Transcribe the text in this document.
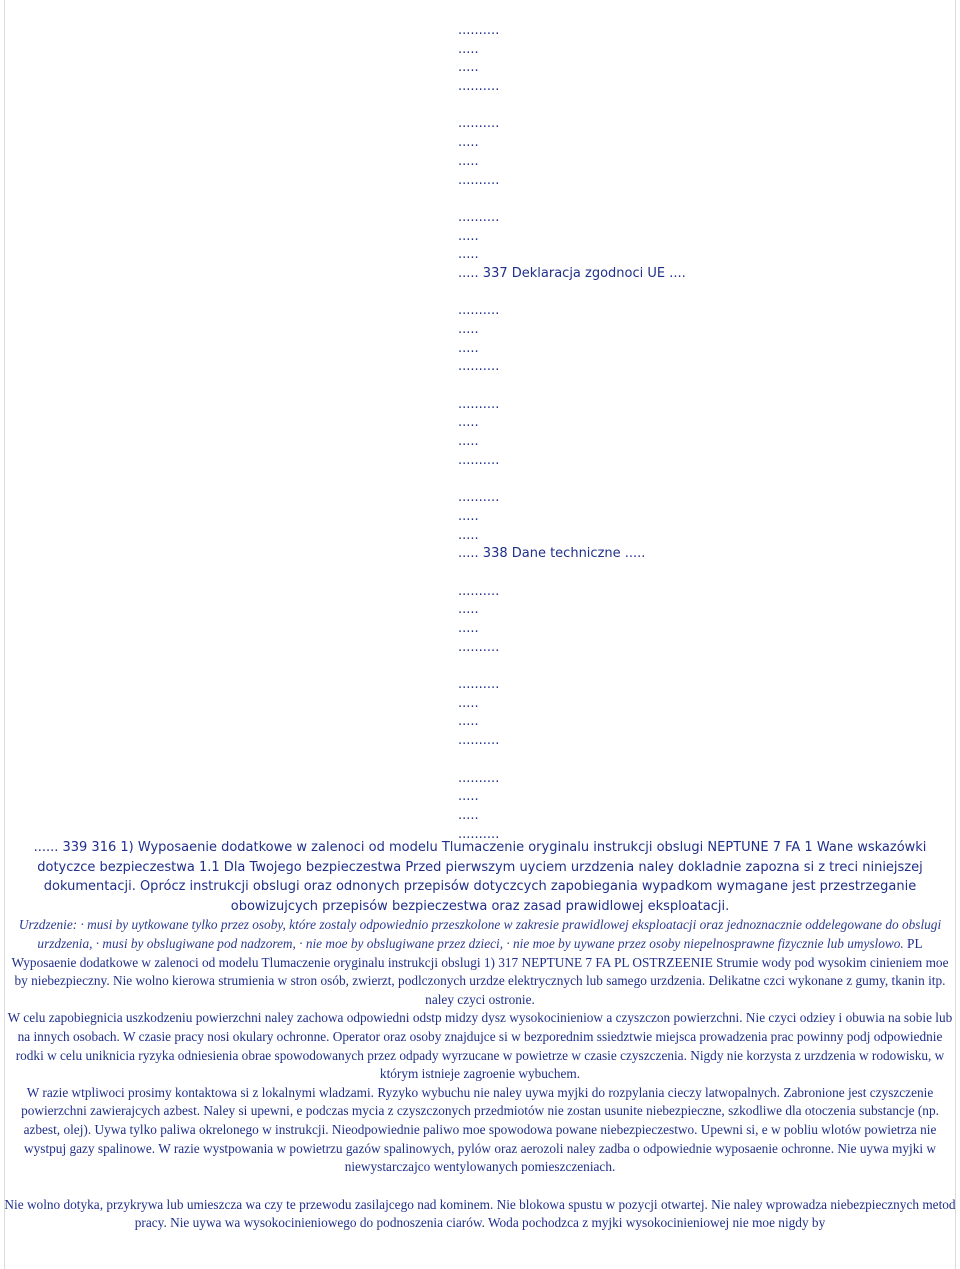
..........
.....
.....
..........
..........
.....
.....
..........
..........
.....
.....
..... 337 Deklaracja zgodnoci UE ....
..........
.....
.....
..........
..........
.....
.....
..........
..........
.....
.....
..... 338 Dane techniczne .....
..........
.....
.....
..........
..........
.....
.....
..........
..........
.....
.....
..........

...... 339 316 1) Wyposaenie dodatkowe w zalenoci od modelu Tlumaczenie oryginalu instrukcji obslugi NEPTUNE 7 FA 1 Wane wskazówki dotyczce bezpieczestwa 1.1 Dla Twojego bezpieczestwa Przed pierwszym uyciem urzdzenia naley dokladnie zapozna si z treci niniejszej dokumentacji. Oprócz instrukcji obslugi oraz odnonych przepisów dotyczcych zapobiegania wypadkom wymagane jest przestrzeganie obowizujcych przepisów bezpieczestwa oraz zasad prawidlowej eksploatacji.

Urzdzenie: · musi by uytkowane tylko przez osoby, które zostaly odpowiednio przeszkolone w zakresie prawidlowej eksploatacji oraz jednoznacznie oddelegowane do obslugi urzdzenia, · musi by obslugiwane pod nadzorem, · nie moe by obslugiwane przez dzieci, · nie moe by uywane przez osoby niepelnosprawne fizycznie lub umyslowo. PL Wyposaenie dodatkowe w zalenoci od modelu Tlumaczenie oryginalu instrukcji obslugi 1) 317 NEPTUNE 7 FA PL OSTRZEENIE Strumie wody pod wysokim cinieniem moe by niebezpieczny. Nie wolno kierowa strumienia w stron osób, zwierzt, podlczonych urzdze elektrycznych lub samego urzdzenia. Delikatne czci wykonane z gumy, tkanin itp. naley czyci ostronie.

W celu zapobiegnicia uszkodzeniu powierzchni naley zachowa odpowiedni odstp midzy dysz wysokocinieniow a czyszczon powierzchni. Nie czyci odziey i obuwia na sobie lub na innych osobach. W czasie pracy nosi okulary ochronne. Operator oraz osoby znajdujce si w bezporednim ssiedztwie miejsca prowadzenia prac powinny podj odpowiednie rodki w celu uniknicia ryzyka odniesienia obrae spowodowanych przez odpady wyrzucane w powietrze w czasie czyszczenia. Nigdy nie korzysta z urzdzenia w rodowisku, w którym istnieje zagroenie wybuchem.

W razie wtpliwoci prosimy kontaktowa si z lokalnymi wladzami. Ryzyko wybuchu nie naley uywa myjki do rozpylania cieczy latwopalnych. Zabronione jest czyszczenie powierzchni zawierajcych azbest. Naley si upewni, e podczas mycia z czyszczonych przedmiotów nie zostan usunite niebezpieczne, szkodliwe dla otoczenia substancje (np. azbest, olej). Uywa tylko paliwa okrelonego w instrukcji. Nieodpowiednie paliwo moe spowodowa powane niebezpieczestwo. Upewni si, e w pobliu wlotów powietrza nie wystpuj gazy spalinowe. W razie wystpowania w powietrzu gazów spalinowych, pylów oraz aerozoli naley zadba o odpowiednie wyposaenie ochronne. Nie uywa myjki w niewystarczajco wentylowanych pomieszczeniach.

Nie wolno dotyka, przykrywa lub umieszcza wa czy te przewodu zasilajcego nad kominem. Nie blokowa spustu w pozycji otwartej. Nie naley wprowadza niebezpiecznych metod pracy. Nie uywa wa wysokocinieniowego do podnoszenia ciarów. Woda pochodzca z myjki wysokocinieniowej nie moe nigdy by
